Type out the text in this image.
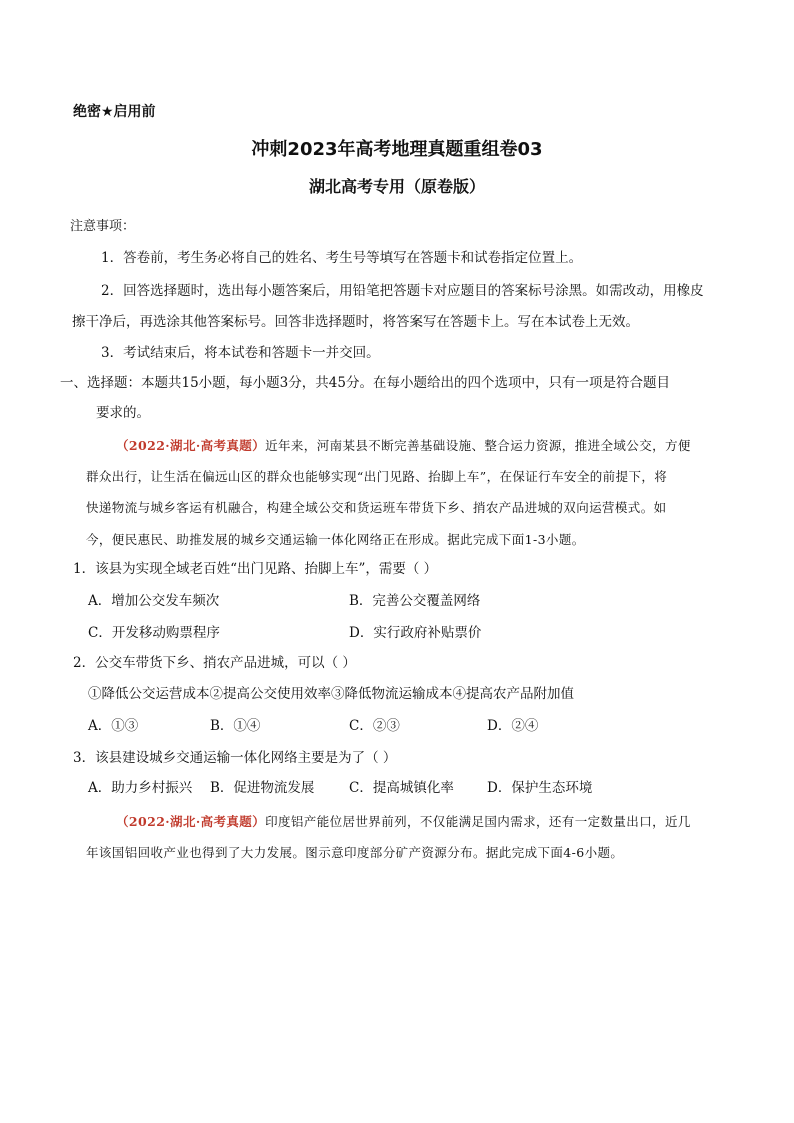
绝密★启用前
冲刺2023年高考地理真题重组卷03
湖北高考专用（原卷版）
注意事项：
1．答卷前，考生务必将自己的姓名、考生号等填写在答题卡和试卷指定位置上。
2．回答选择题时，选出每小题答案后，用铅笔把答题卡对应题目的答案标号涂黑。如需改动，用橡皮
擦干净后，再选涂其他答案标号。回答非选择题时，将答案写在答题卡上。写在本试卷上无效。
3．考试结束后，将本试卷和答题卡一并交回。
一、选择题：本题共15小题，每小题3分，共45分。在每小题给出的四个选项中，只有一项是符合题目
要求的。
（2022·湖北·高考真题）近年来，河南某县不断完善基础设施、整合运力资源，推进全域公交，方便
群众出行，让生活在偏远山区的群众也能够实现“出门见路、抬脚上车”，在保证行车安全的前提下，将
快递物流与城乡客运有机融合，构建全域公交和货运班车带货下乡、捎农产品进城的双向运营模式。如
今，便民惠民、助推发展的城乡交通运输一体化网络正在形成。据此完成下面1-3小题。
1．该县为实现全域老百姓“出门见路、抬脚上车”，需要（ ）
A．增加公交发车频次	B．完善公交覆盖网络
C．开发移动购票程序	D．实行政府补贴票价
2．公交车带货下乡、捎农产品进城，可以（ ）
①降低公交运营成本②提高公交使用效率③降低物流运输成本④提高农产品附加值
A．①③	B．①④	C．②③	D．②④
3．该县建设城乡交通运输一体化网络主要是为了（ ）
A．助力乡村振兴 B．促进物流发展	C．提高城镇化率 D．保护生态环境
（2022·湖北·高考真题）印度铝产能位居世界前列，不仅能满足国内需求，还有一定数量出口，近几
年该国铝回收产业也得到了大力发展。图示意印度部分矿产资源分布。据此完成下面4-6小题。
